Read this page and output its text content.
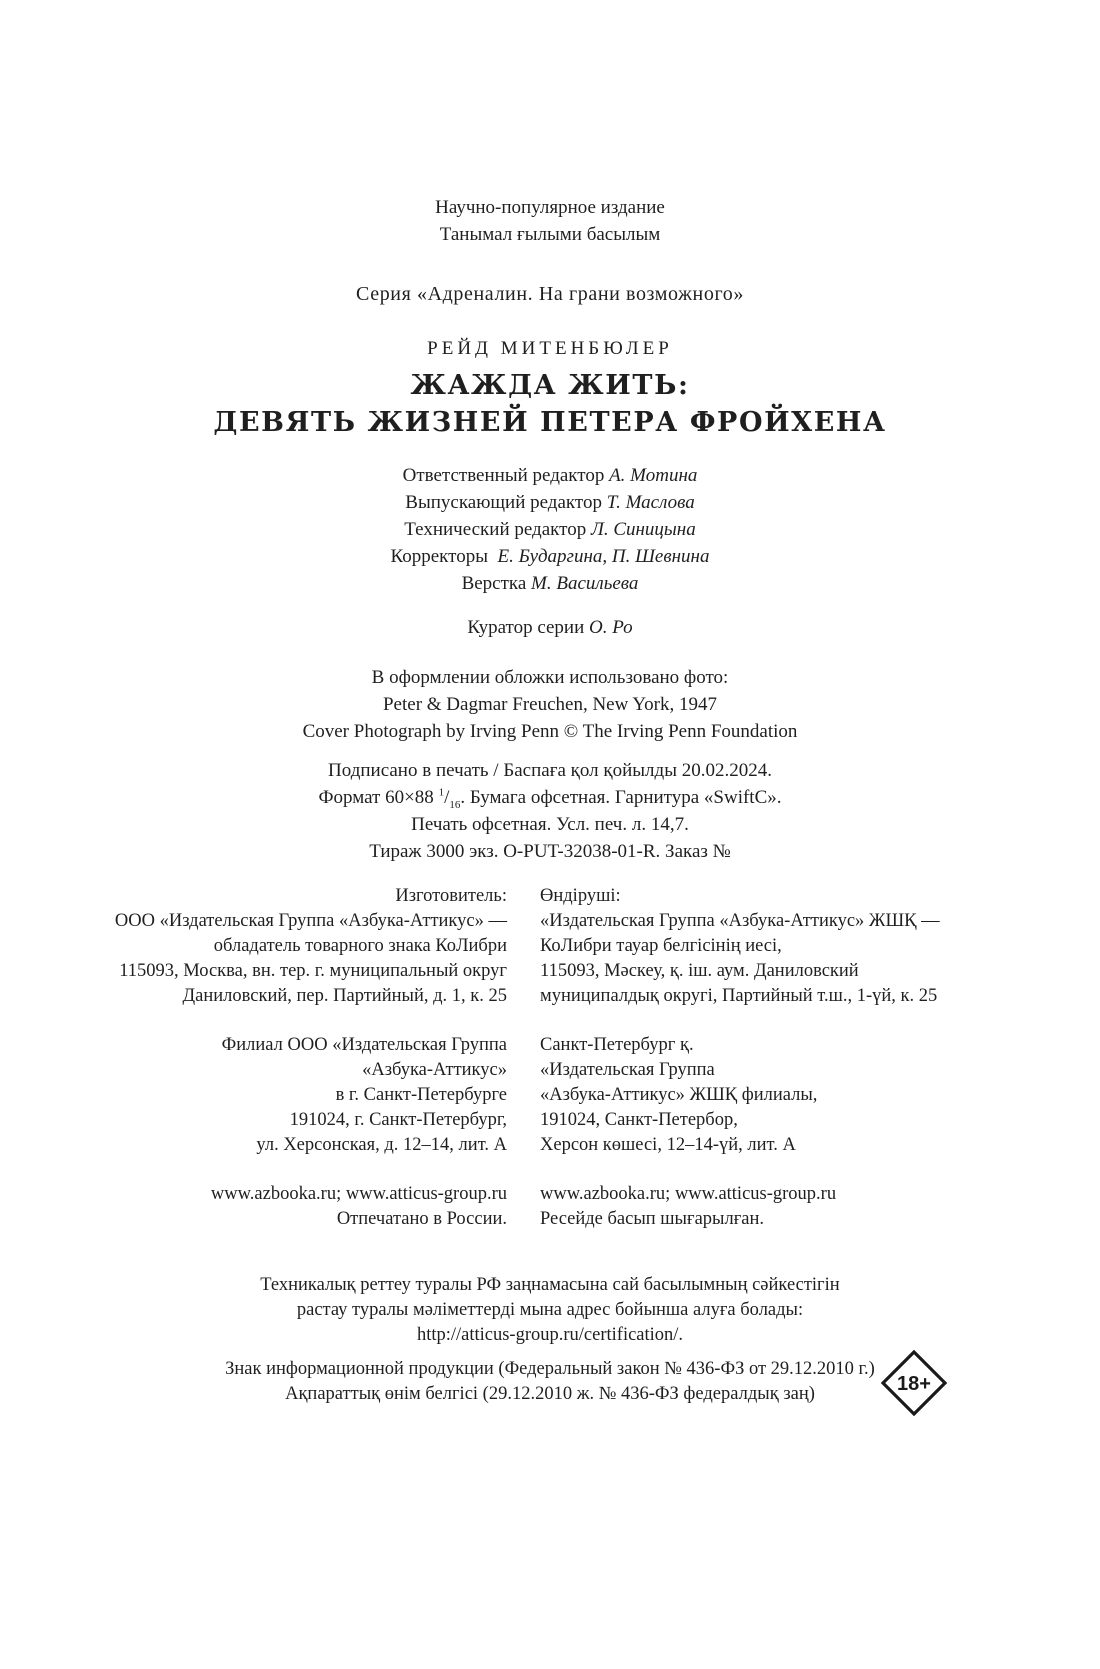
Научно-популярное издание
Танымал ғылыми басылым
Серия «Адреналин. На грани возможного»
РЕЙД МИТЕНБЮЛЕР
ЖАЖДА ЖИТЬ:
ДЕВЯТЬ ЖИЗНЕЙ ПЕТЕРА ФРОЙХЕНА
Ответственный редактор А. Мотина
Выпускающий редактор Т. Маслова
Технический редактор Л. Синицына
Корректоры Е. Бударгина, П. Шевнина
Верстка М. Васильева
Куратор серии О. Ро
В оформлении обложки использовано фото:
Peter & Dagmar Freuchen, New York, 1947
Cover Photograph by Irving Penn © The Irving Penn Foundation
Подписано в печать / Баспаға қол қойылды 20.02.2024.
Формат 60×88 $^1/_{16}$. Бумага офсетная. Гарнитура «SwiftC».
Печать офсетная. Усл. печ. л. 14,7.
Тираж 3000 экз. O-PUT-32038-01-R. Заказ №
Изготовитель:
ООО «Издательская Группа «Азбука-Аттикус» —
обладатель товарного знака КоЛибри
115093, Москва, вн. тер. г. муниципальный округ
Даниловский, пер. Партийный, д. 1, к. 25
Филиал ООО «Издательская Группа
«Азбука-Аттикус»
в г. Санкт-Петербурге
191024, г. Санкт-Петербург,
ул. Херсонская, д. 12–14, лит. А
www.azbooka.ru; www.atticus-group.ru
Отпечатано в России.
Өндіруші:
«Издательская Группа «Азбука-Аттикус» ЖШҚ —
КоЛибри тауар белгісінің иесі,
115093, Мәскеу, қ. іш. аум. Даниловский
муниципалдық округі, Партийный т.ш., 1-үй, к. 25
Санкт-Петербург қ.
«Издательская Группа
«Азбука-Аттикус» ЖШҚ филиалы,
191024, Санкт-Петербор,
Херсон көшесі, 12–14-үй, лит. А
www.azbooka.ru; www.atticus-group.ru
Ресейде басып шығарылған.
Техникалық реттеу туралы РФ заңнамасына сай басылымның сәйкестігін
растау туралы мәліметтерді мына адрес бойынша алуға болады:
http://atticus-group.ru/certification/.
Знак информационной продукции (Федеральный закон № 436-ФЗ от 29.12.2010 г.)
Ақпараттық өнім белгісі (29.12.2010 ж. № 436-ФЗ федералдық заң)	18+
